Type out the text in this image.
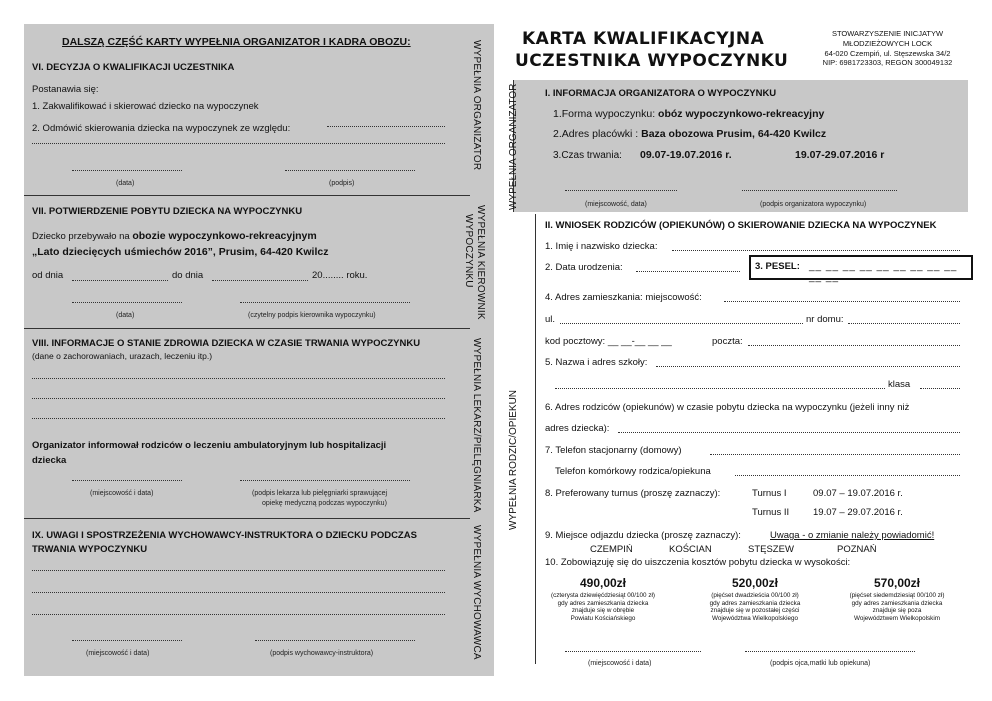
DALSZĄ CZĘŚĆ KARTY WYPEŁNIA ORGANIZATOR I KADRA OBOZU:
VI. DECYZJA O KWALIFIKACJI UCZESTNIKA
Postanawia się:
1. Zakwalifikować i skierować dziecko na wypoczynek
2. Odmówić skierowania dziecka na wypoczynek ze względu:
(data)	(podpis)
WYPEŁNIA ORGANIZATOR
VII. POTWIERDZENIE POBYTU DZIECKA NA WYPOCZYNKU
Dziecko przebywało na obozie wypoczynkowo-rekreacyjnym
„Lato dziecięcych uśmiechów 2016”, Prusim, 64-420 Kwilcz
od dnia	do dnia	20........ roku.
(data)	(czytelny podpis kierownika wypoczynku)	WYPEŁNIA KIEROWNIK
WYPOCZYNKU
VIII. INFORMACJE O STANIE ZDROWIA DZIECKA W CZASIE TRWANIA WYPOCZYNKU
(dane o zachorowaniach, urazach, leczeniu itp.)
Organizator informował rodziców o leczeniu ambulatoryjnym lub hospitalizacji
dziecka
(miejscowość i data)	(podpis lekarza lub pielęgniarki sprawującej
opiekę medyczną podczas wypoczynku)	WYPEŁNIA LEKARZ/PIELĘGNIARKA
IX. UWAGI I SPOSTRZEŻENIA WYCHOWAWCY-INSTRUKTORA O DZIECKU PODCZAS
TRWANIA WYPOCZYNKU
(miejscowość i data)	(podpis wychowawcy-instruktora)	WYPEŁNIA WYCHOWAWCA
KARTA KWALIFIKACYJNA
UCZESTNIKA WYPOCZYNKU
STOWARZYSZENIE INICJATYW
MŁODZIEŻOWYCH LOCK
64-020 Czempiń, ul. Stęszewska 34/2
NIP: 6981723303, REGON 300049132
WYPEŁNIA ORGANIZATOR	I. INFORMACJA ORGANIZATORA O WYPOCZYNKU
1.Forma wypoczynku: obóz wypoczynkowo-rekreacyjny
2.Adres placówki : Baza obozowa Prusim, 64-420 Kwilcz
3.Czas trwania: 09.07-19.07.2016 r.	19.07-29.07.2016 r
(miejscowość, data)	(podpis organizatora wypoczynku)
WYPEŁNIA RODZIC/OPIEKUN
II. WNIOSEK RODZICÓW (OPIEKUNÓW) O SKIEROWANIE DZIECKA NA WYPOCZYNEK
1. Imię i nazwisko dziecka:
2. Data urodzenia:	3. PESEL: __ __ __ __ __ __ __ __ __ __ __
4. Adres zamieszkania: miejscowość:
ul.	nr domu:
kod pocztowy: __ __-__ __ __	poczta:
5. Nazwa i adres szkoły:
klasa
6. Adres rodziców (opiekunów) w czasie pobytu dziecka na wypoczynku (jeżeli inny niż
adres dziecka):
7. Telefon stacjonarny (domowy)
Telefon komórkowy rodzica/opiekuna
8. Preferowany turnus (proszę zaznaczy):	Turnus I	09.07 – 19.07.2016 r.
Turnus II	19.07 – 29.07.2016 r.
9. Miejsce odjazdu dziecka (proszę zaznaczy):	Uwaga - o zmianie należy powiadomić!
CZEMPIŃ	KOŚCIAN	STĘSZEW	POZNAŃ
10. Zobowiązuję się do uiszczenia kosztów pobytu dziecka w wysokości:
490,00zł
(czterysta dziewięćdziesiąt 00/100 zł)
gdy adres zamieszkania dziecka
znajduje się w obrębie
Powiatu Kościańskiego
520,00zł
(pięćset dwadzieścia 00/100 zł)
gdy adres zamieszkania dziecka
znajduje się w pozostałej części
Województwa Wielkopolskiego
570,00zł
(pięćset siedemdziesiąt 00/100 zł)
gdy adres zamieszkania dziecka
znajduje się poza
Województwem Wielkopolskim
(miejscowość i data)	(podpis ojca,matki lub opiekuna)
